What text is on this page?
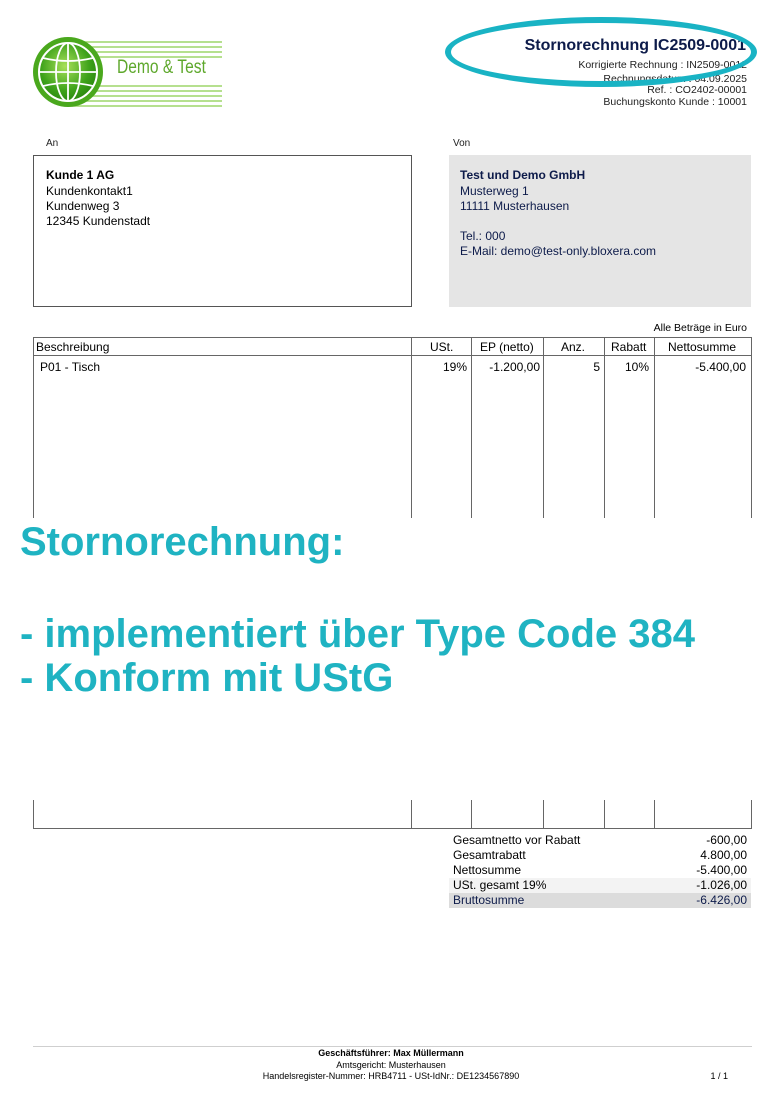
Demo & Test
Stornorechnung IC2509-0001
Korrigierte Rechnung : IN2509-0012
Rechnungsdatum : 04.09.2025
Ref. : CO2402-00001
Buchungskonto Kunde : 10001
An	Von
Kunde 1 AG
Kundenkontakt1
Kundenweg 3
12345 Kundenstadt
Test und Demo GmbH
Musterweg 1
11111 Musterhausen
Tel.: 000
E-Mail: demo@test-only.bloxera.com
Alle Beträge in Euro
Beschreibung	USt. EP (netto) Anz. Rabatt Nettosumme
P01 - Tisch	19% -1.200,00	5 10%	-5.400,00
Stornorechnung:
- implementiert über Type Code 384
- Konform mit UStG
Gesamtnetto vor Rabatt	-600,00
Gesamtrabatt	4.800,00
Nettosumme	-5.400,00
USt. gesamt 19%	-1.026,00
Bruttosumme	-6.426,00
Geschäftsführer: Max Müllermann
Amtsgericht: Musterhausen
Handelsregister-Nummer: HRB4711 - USt-IdNr.: DE1234567890	1 / 1
